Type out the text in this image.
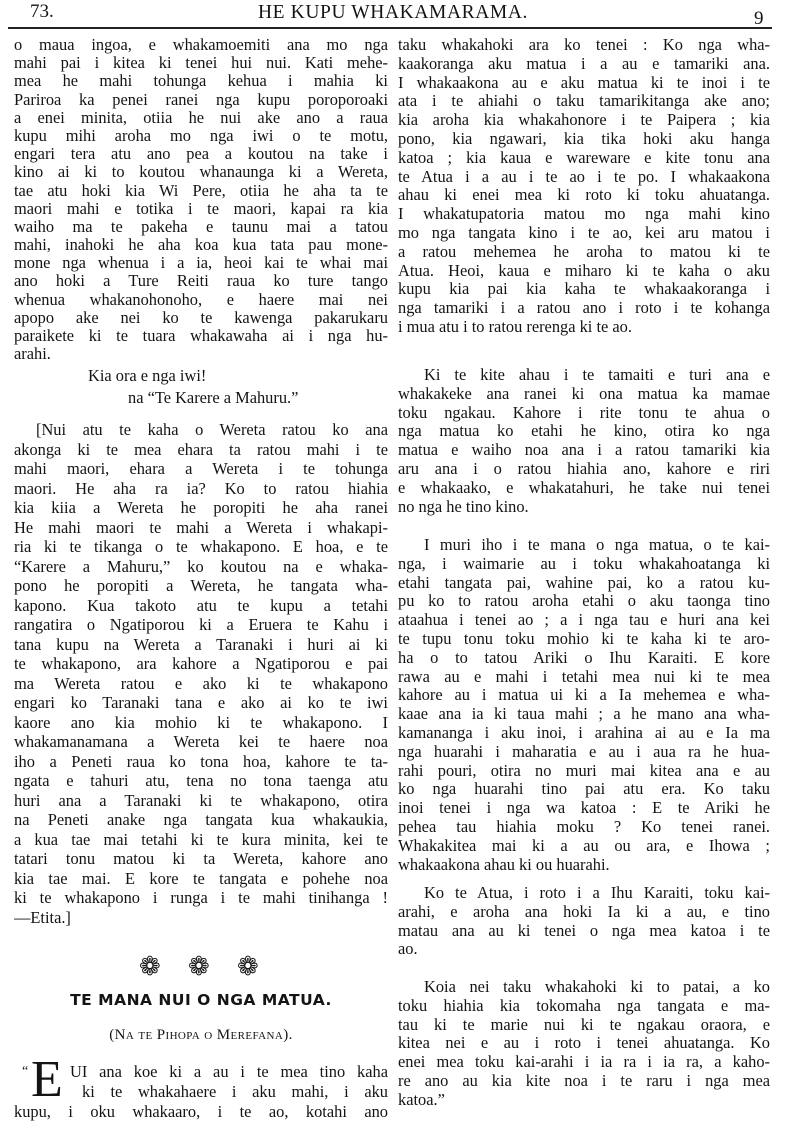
73.	HE KUPU WHAKAMARAMA.	9
o maua ingoa, e whakamoemiti ana mo nga
mahi pai i kitea ki tenei hui nui. Kati mehe-
mea he mahi tohunga kehua i mahia ki
Pariroa ka penei ranei nga kupu poroporoaki
a enei minita, otiia he nui ake ano a raua
kupu mihi aroha mo nga iwi o te motu,
engari tera atu ano pea a koutou na take i
kino ai ki to koutou whanaunga ki a Wereta,
tae atu hoki kia Wi Pere, otiia he aha ta te
maori mahi e totika i te maori, kapai ra kia
waiho ma te pakeha e taunu mai a tatou
mahi, inahoki he aha koa kua tata pau mone-
mone nga whenua i a ia, heoi kai te whai mai
ano hoki a Ture Reiti raua ko ture tango
whenua whakanohonoho, e haere mai nei
apopo ake nei ko te kawenga pakarukaru
paraikete ki te tuara whakawaha ai i nga hu-
arahi.
Kia ora e nga iwi!
na “Te Karere a Mahuru.”
[Nui atu te kaha o Wereta ratou ko ana
akonga ki te mea ehara ta ratou mahi i te
mahi maori, ehara a Wereta i te tohunga
maori. He aha ra ia? Ko to ratou hiahia
kia kiia a Wereta he poropiti he aha ranei
He mahi maori te mahi a Wereta i whakapi-
ria ki te tikanga o te whakapono. E hoa, e te
“Karere a Mahuru,” ko koutou na e whaka-
pono he poropiti a Wereta, he tangata wha-
kapono. Kua takoto atu te kupu a tetahi
rangatira o Ngatiporou ki a Eruera te Kahu i
tana kupu na Wereta a Taranaki i huri ai ki
te whakapono, ara kahore a Ngatiporou e pai
ma Wereta ratou e ako ki te whakapono
engari ko Taranaki tana e ako ai ko te iwi
kaore ano kia mohio ki te whakapono. I
whakamanamana a Wereta kei te haere noa
iho a Peneti raua ko tona hoa, kahore te ta-
ngata e tahuri atu, tena no tona taenga atu
huri ana a Taranaki ki te whakapono, otira
na Peneti anake nga tangata kua whakaukia,
a kua tae mai tetahi ki te kura minita, kei te
tatari tonu matou ki ta Wereta, kahore ano
kia tae mai. E kore te tangata e pohehe noa
ki te whakapono i runga i te mahi tinihanga !
—Etita.]
❁ ❁ ❁
TE MANA NUI O NGA MATUA.
(Na te Pihopa o Merefana).
“ E UI ana koe ki a au i te mea tino kaha
ki te whakahaere i aku mahi, i aku
kupu, i oku whakaaro, i te ao, kotahi ano
taku whakahoki ara ko tenei : Ko nga wha-
kaakoranga aku matua i a au e tamariki ana.
I whakaakona au e aku matua ki te inoi i te
ata i te ahiahi o taku tamarikitanga ake ano;
kia aroha kia whakahonore i te Paipera ; kia
pono, kia ngawari, kia tika hoki aku hanga
katoa ; kia kaua e wareware e kite tonu ana
te Atua i a au i te ao i te po. I whakaakona
ahau ki enei mea ki roto ki toku ahuatanga.
I whakatupatoria matou mo nga mahi kino
mo nga tangata kino i te ao, kei aru matou i
a ratou mehemea he aroha to matou ki te
Atua. Heoi, kaua e miharo ki te kaha o aku
kupu kia pai kia kaha te whakaakoranga i
nga tamariki i a ratou ano i roto i te kohanga
i mua atu i to ratou rerenga ki te ao.
Ki te kite ahau i te tamaiti e turi ana e
whakakeke ana ranei ki ona matua ka mamae
toku ngakau. Kahore i rite tonu te ahua o
nga matua ko etahi he kino, otira ko nga
matua e waiho noa ana i a ratou tamariki kia
aru ana i o ratou hiahia ano, kahore e riri
e whakaako, e whakatahuri, he take nui tenei
no nga he tino kino.
I muri iho i te mana o nga matua, o te kai-
nga, i waimarie au i toku whakahoatanga ki
etahi tangata pai, wahine pai, ko a ratou ku-
pu ko to ratou aroha etahi o aku taonga tino
ataahua i tenei ao ; a i nga tau e huri ana kei
te tupu tonu toku mohio ki te kaha ki te aro-
ha o to tatou Ariki o Ihu Karaiti. E kore
rawa au e mahi i tetahi mea nui ki te mea
kahore au i matua ui ki a Ia mehemea e wha-
kaae ana ia ki taua mahi ; a he mano ana wha-
kamananga i aku inoi, i arahina ai au e Ia ma
nga huarahi i maharatia e au i aua ra he hua-
rahi pouri, otira no muri mai kitea ana e au
ko nga huarahi tino pai atu era. Ko taku
inoi tenei i nga wa katoa : E te Ariki he
pehea tau hiahia moku ? Ko tenei ranei.
Whakakitea mai ki a au ou ara, e Ihowa ;
whakaakona ahau ki ou huarahi.
Ko te Atua, i roto i a Ihu Karaiti, toku kai-
arahi, e aroha ana hoki Ia ki a au, e tino
matau ana au ki tenei o nga mea katoa i te
ao.
Koia nei taku whakahoki ki to patai, a ko
toku hiahia kia tokomaha nga tangata e ma-
tau ki te marie nui ki te ngakau oraora, e
kitea nei e au i roto i tenei ahuatanga. Ko
enei mea toku kai-arahi i ia ra i ia ra, a kaho-
re ano au kia kite noa i te raru i nga mea
katoa.”
